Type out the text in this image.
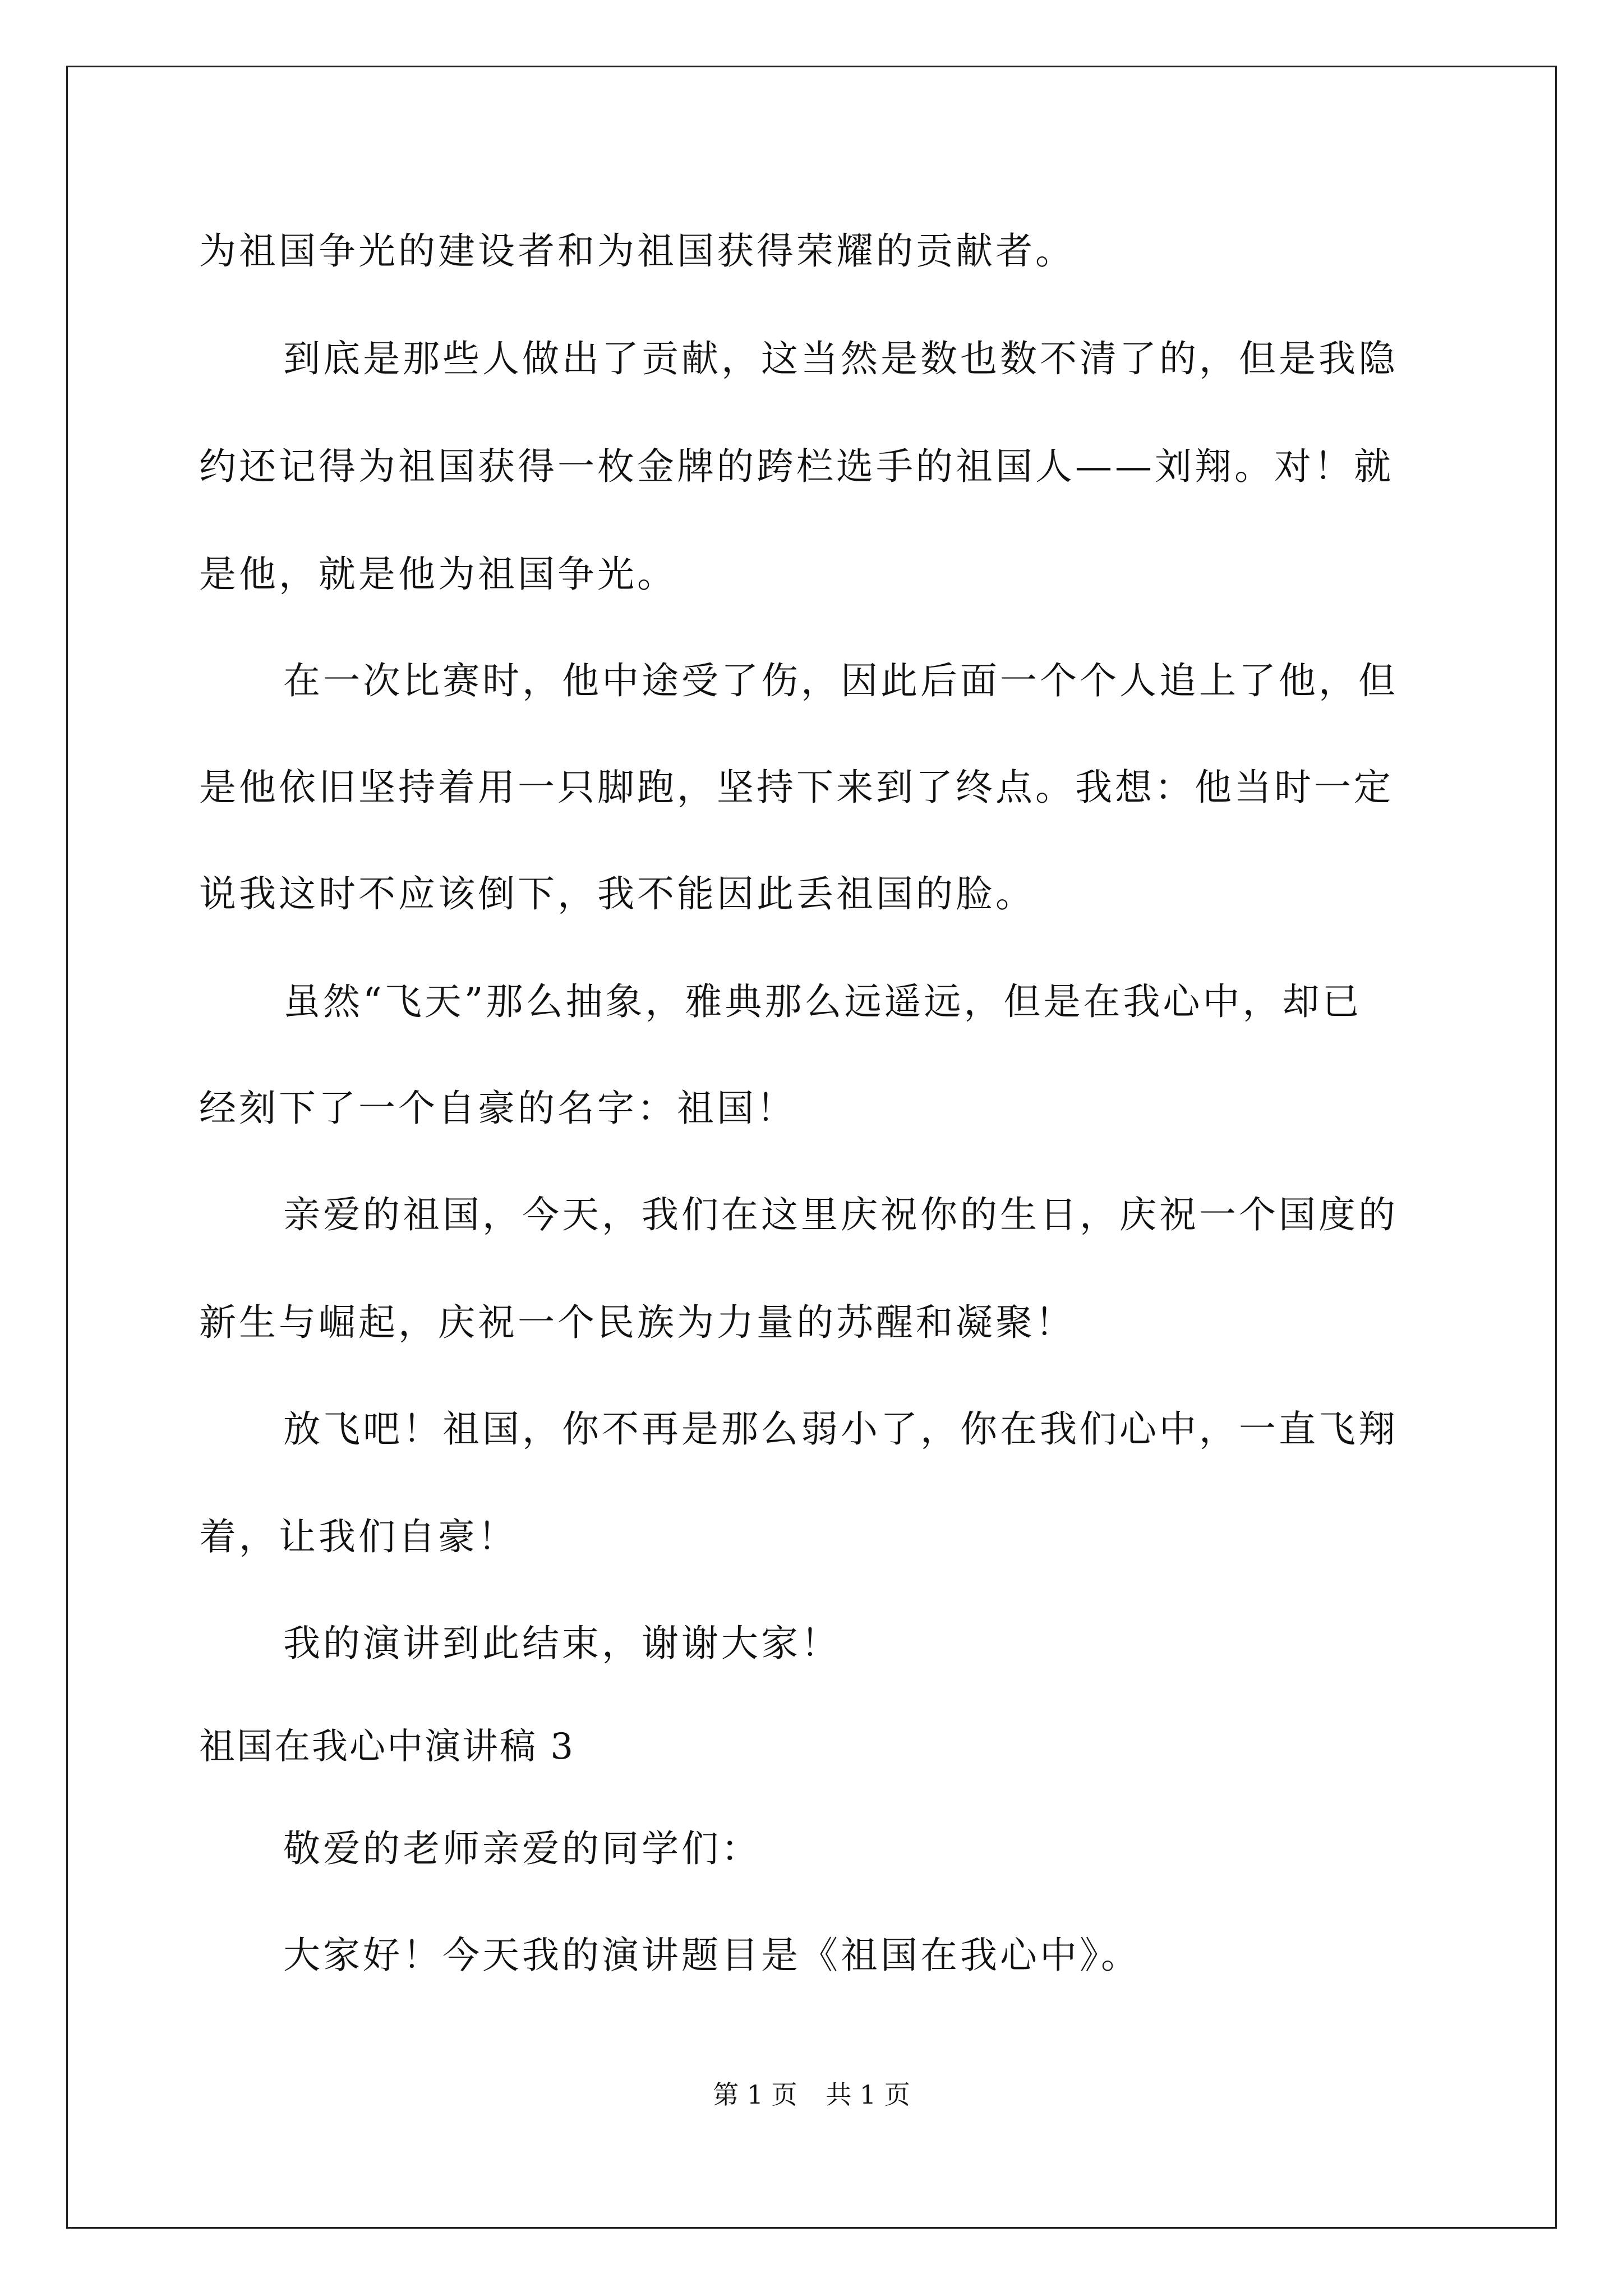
为祖国争光的建设者和为祖国获得荣耀的贡献者。
到底是那些人做出了贡献，这当然是数也数不清了的，但是我隐
约还记得为祖国获得一枚金牌的跨栏选手的祖国人——刘翔。对！就
是他，就是他为祖国争光。
在一次比赛时，他中途受了伤，因此后面一个个人追上了他，但
是他依旧坚持着用一只脚跑，坚持下来到了终点。我想：他当时一定
说我这时不应该倒下，我不能因此丢祖国的脸。
虽然“飞天”那么抽象，雅典那么远遥远，但是在我心中，却已
经刻下了一个自豪的名字：祖国！
亲爱的祖国，今天，我们在这里庆祝你的生日，庆祝一个国度的
新生与崛起，庆祝一个民族为力量的苏醒和凝聚！
放飞吧！祖国，你不再是那么弱小了，你在我们心中，一直飞翔
着，让我们自豪！
我的演讲到此结束，谢谢大家！
祖国在我心中演讲稿 3
敬爱的老师亲爱的同学们：
大家好！今天我的演讲题目是《祖国在我心中》。
第 1 页 共 1 页
